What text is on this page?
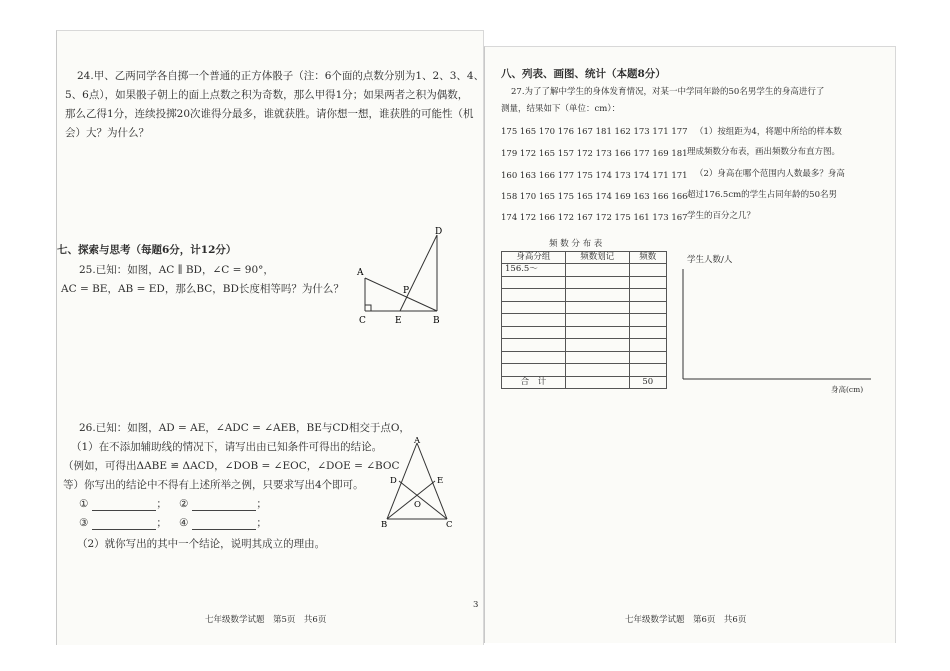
24.甲、乙两同学各自掷一个普通的正方体骰子（注：6个面的点数分别为1、2、3、4、
5、6点），如果骰子朝上的面上点数之积为奇数，那么甲得1分；如果两者之积为偶数，
那么乙得1分，连续投掷20次谁得分最多，谁就获胜。请你想一想，谁获胜的可能性（机
会）大？为什么？
七、探索与思考（每题6分，计12分）
25.已知：如图，AC ∥ BD，∠C = 90°，
AC = BE，AB = ED，那么BC，BD长度相等吗？为什么？
A
C	E	B
D
P
26.已知：如图，AD = AE，∠ADC = ∠AEB，BE与CD相交于点O，
（1）在不添加辅助线的情况下，请写出由已知条件可得出的结论。
（例如，可得出ΔABE ≌ ΔACD，∠DOB = ∠EOC，∠DOE = ∠BOC
等）你写出的结论中不得有上述所举之例，只要求写出4个即可。
①	； ②	；
③	； ④	；
（2）就你写出的其中一个结论，说明其成立的理由。
A
D	E
O
B	C
七年级数学试题　第5页　共6页
3
八、列表、画图、统计（本题8分）
27.为了了解中学生的身体发育情况，对某一中学同年龄的50名男学生的身高进行了
测量，结果如下（单位：cm）：
175 165 170 176 167 181 162 173 171 177
179 172 165 157 172 173 166 177 169 181
160 163 166 177 175 174 173 174 171 171
158 170 165 175 165 174 169 163 166 166
174 172 166 172 167 172 175 161 173 167
（1）按组距为4，将题中所给的样本数
理成频数分布表，画出频数分布直方图。
（2）身高在哪个范围内人数最多？身高
超过176.5cm的学生占同年龄的50名男
学生的百分之几？
频 数 分 布 表
身高分组	频数划记	频数
156.5～		

合　计		50
学生人数/人
身高(cm)
七年级数学试题　第6页　共6页
